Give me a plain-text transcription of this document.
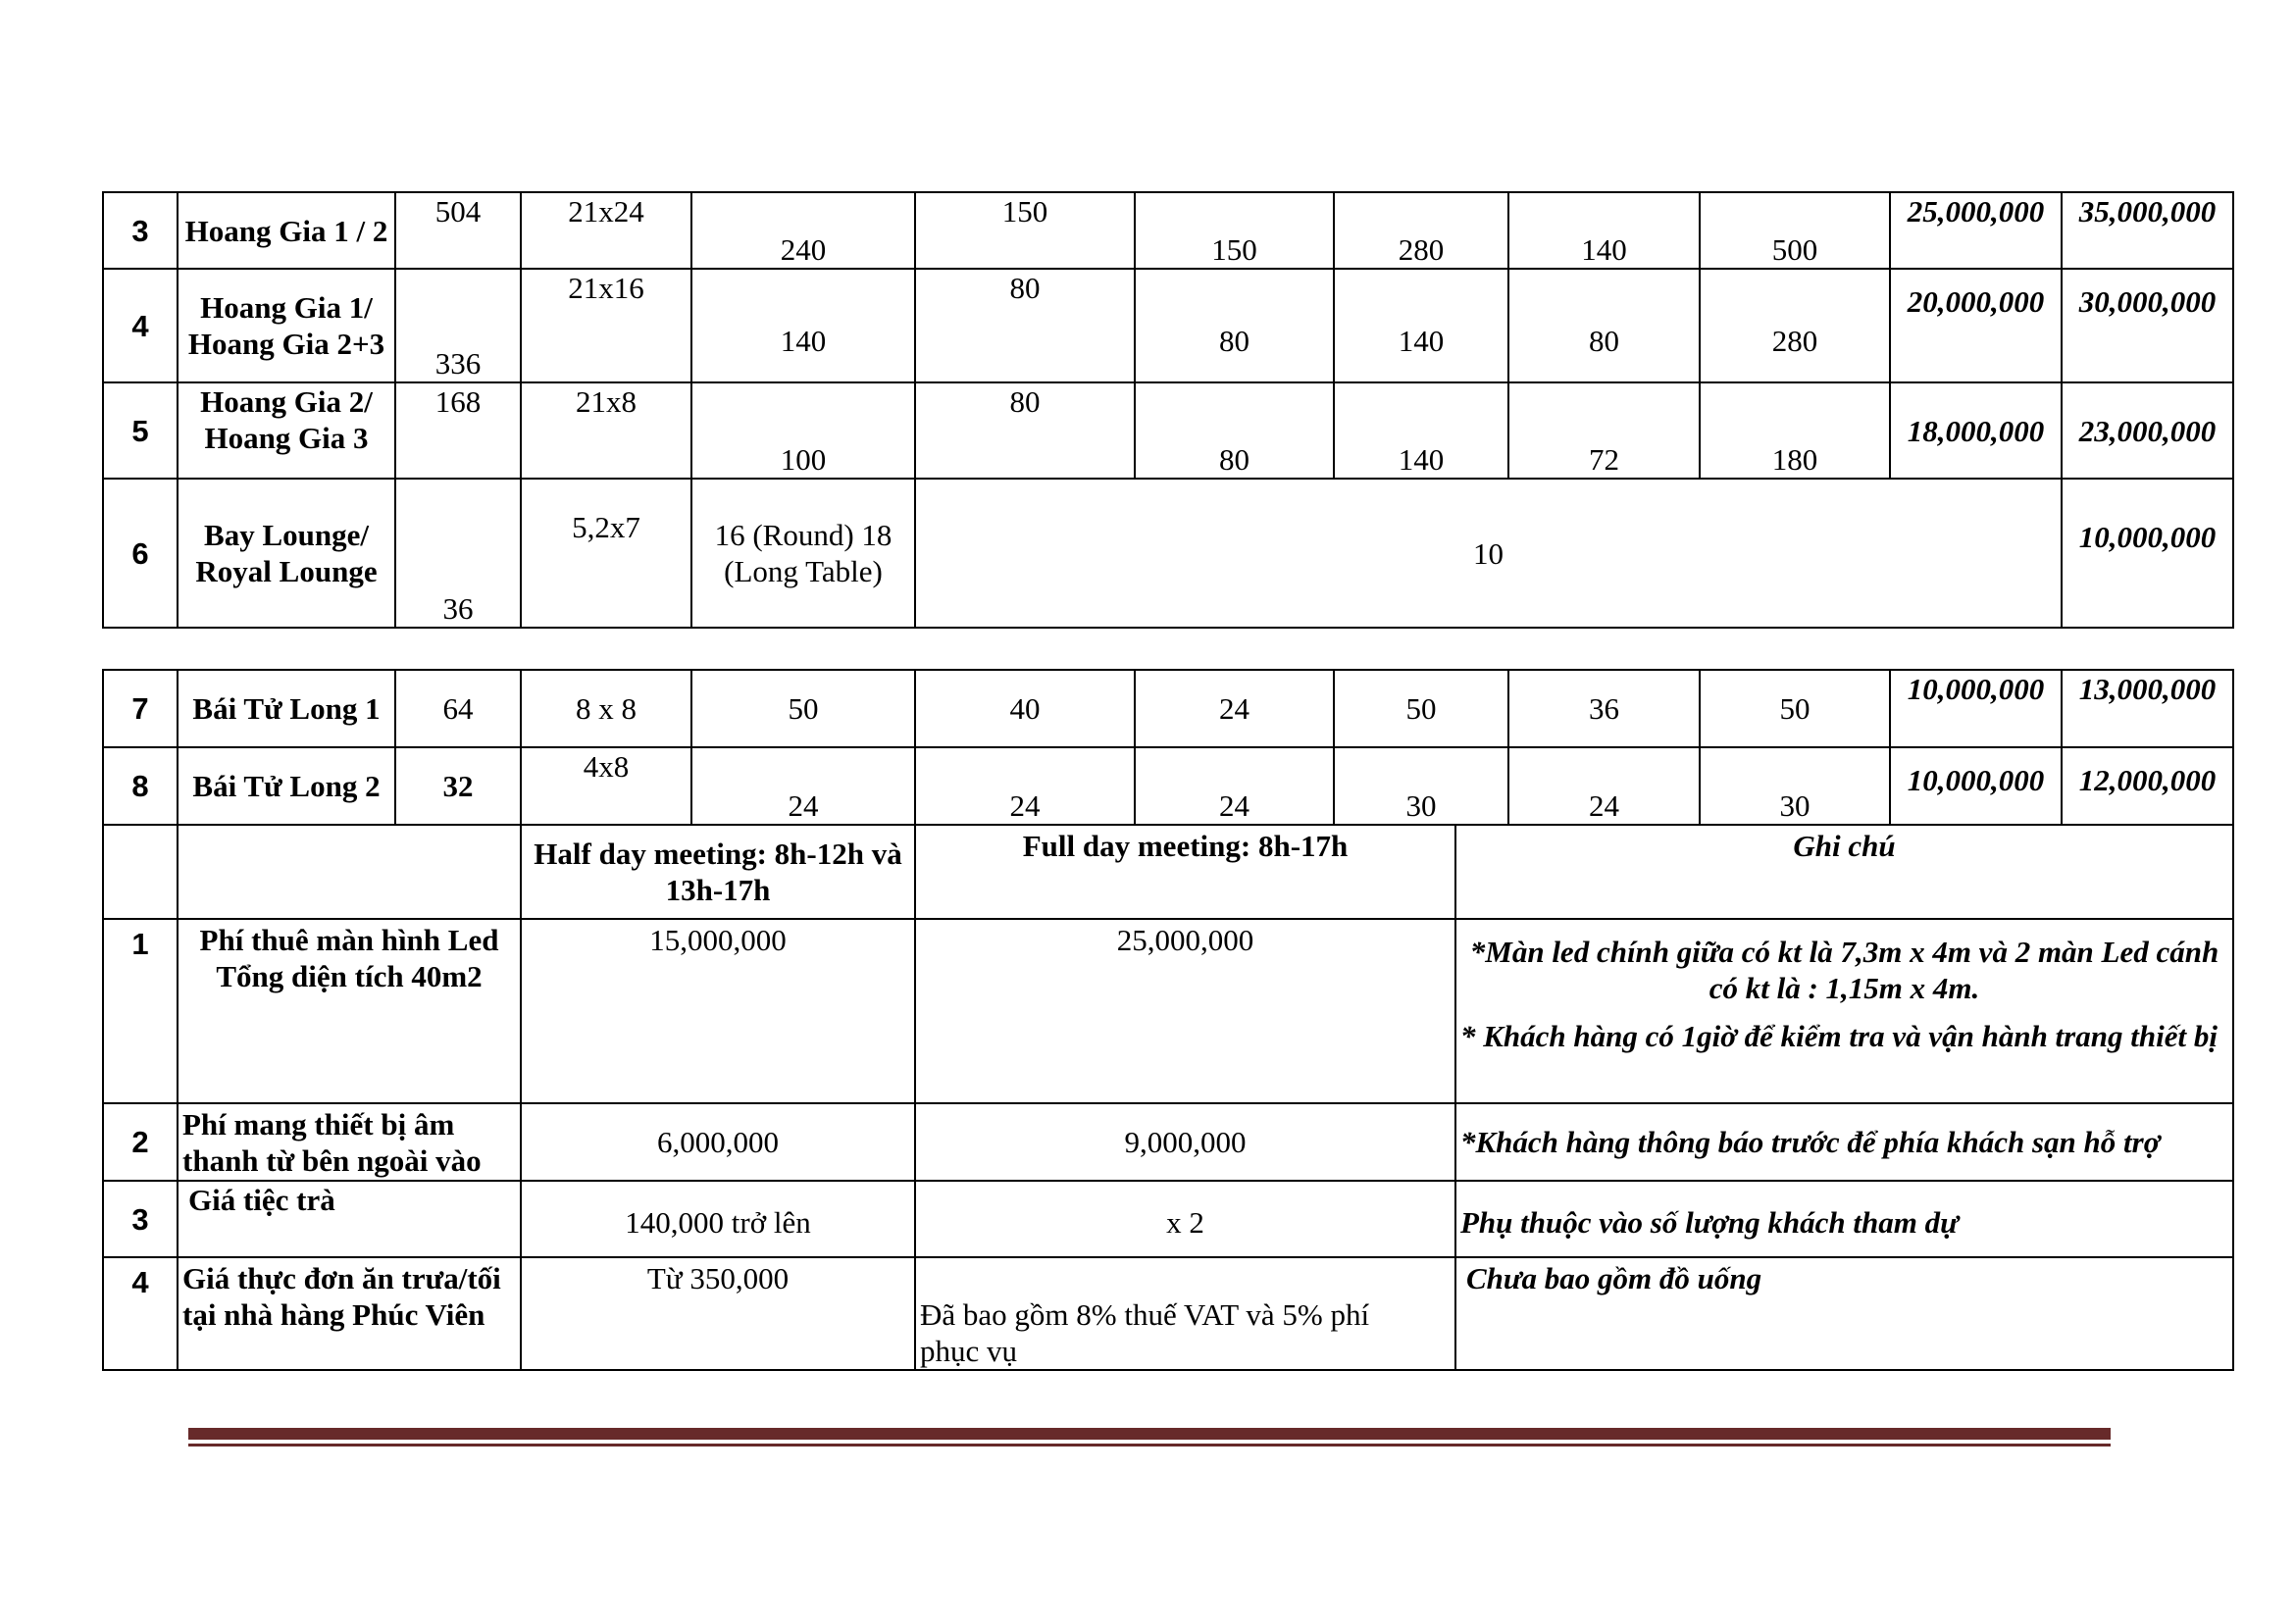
3	Hoang Gia 1 / 2	504	21x24	240	150	150	280	140	500	25,000,000	35,000,000	
4	Hoang Gia 1/ Hoang Gia 2+3	336	21x16	140	80	80	140	80	280	20,000,000	30,000,000	
5	Hoang Gia 2/ Hoang Gia 3	168	21x8	100	80	80	140	72	180	18,000,000	23,000,000	
6	Bay Lounge/ Royal Lounge	36	5,2x7	16 (Round) 18 (Long Table)	10						10,000,000	
7	Bái Tử Long 1	64	8 x 8	50	40	24	50	36	50	10,000,000	13,000,000
8	Bái Tử Long 2	32	4x8	24	24	24	30	24	30	10,000,000	12,000,000
		Half day meeting: 8h-12h và 13h-17h	Full day meeting: 8h-17h	Ghi chú
1	Phí thuê màn hình Led Tổng diện tích 40m2	15,000,000	25,000,000	*Màn led chính giữa có kt là 7,3m x 4m và 2 màn Led cánh có kt là : 1,15m x 4m.

* Khách hàng có 1giờ để kiểm tra và vận hành trang thiết bị

2	Phí mang thiết bị âm thanh từ bên ngoài vào	6,000,000	9,000,000	*Khách hàng thông báo trước để phía khách sạn hỗ trợ
3	Giá tiệc trà	140,000 trở lên	x 2	Phụ thuộc vào số lượng khách tham dự
4	Giá thực đơn ăn trưa/tối tại nhà hàng Phúc Viên	Từ 350,000	Đã bao gồm 8% thuế VAT và 5% phí phục vụ	Chưa bao gồm đồ uống
